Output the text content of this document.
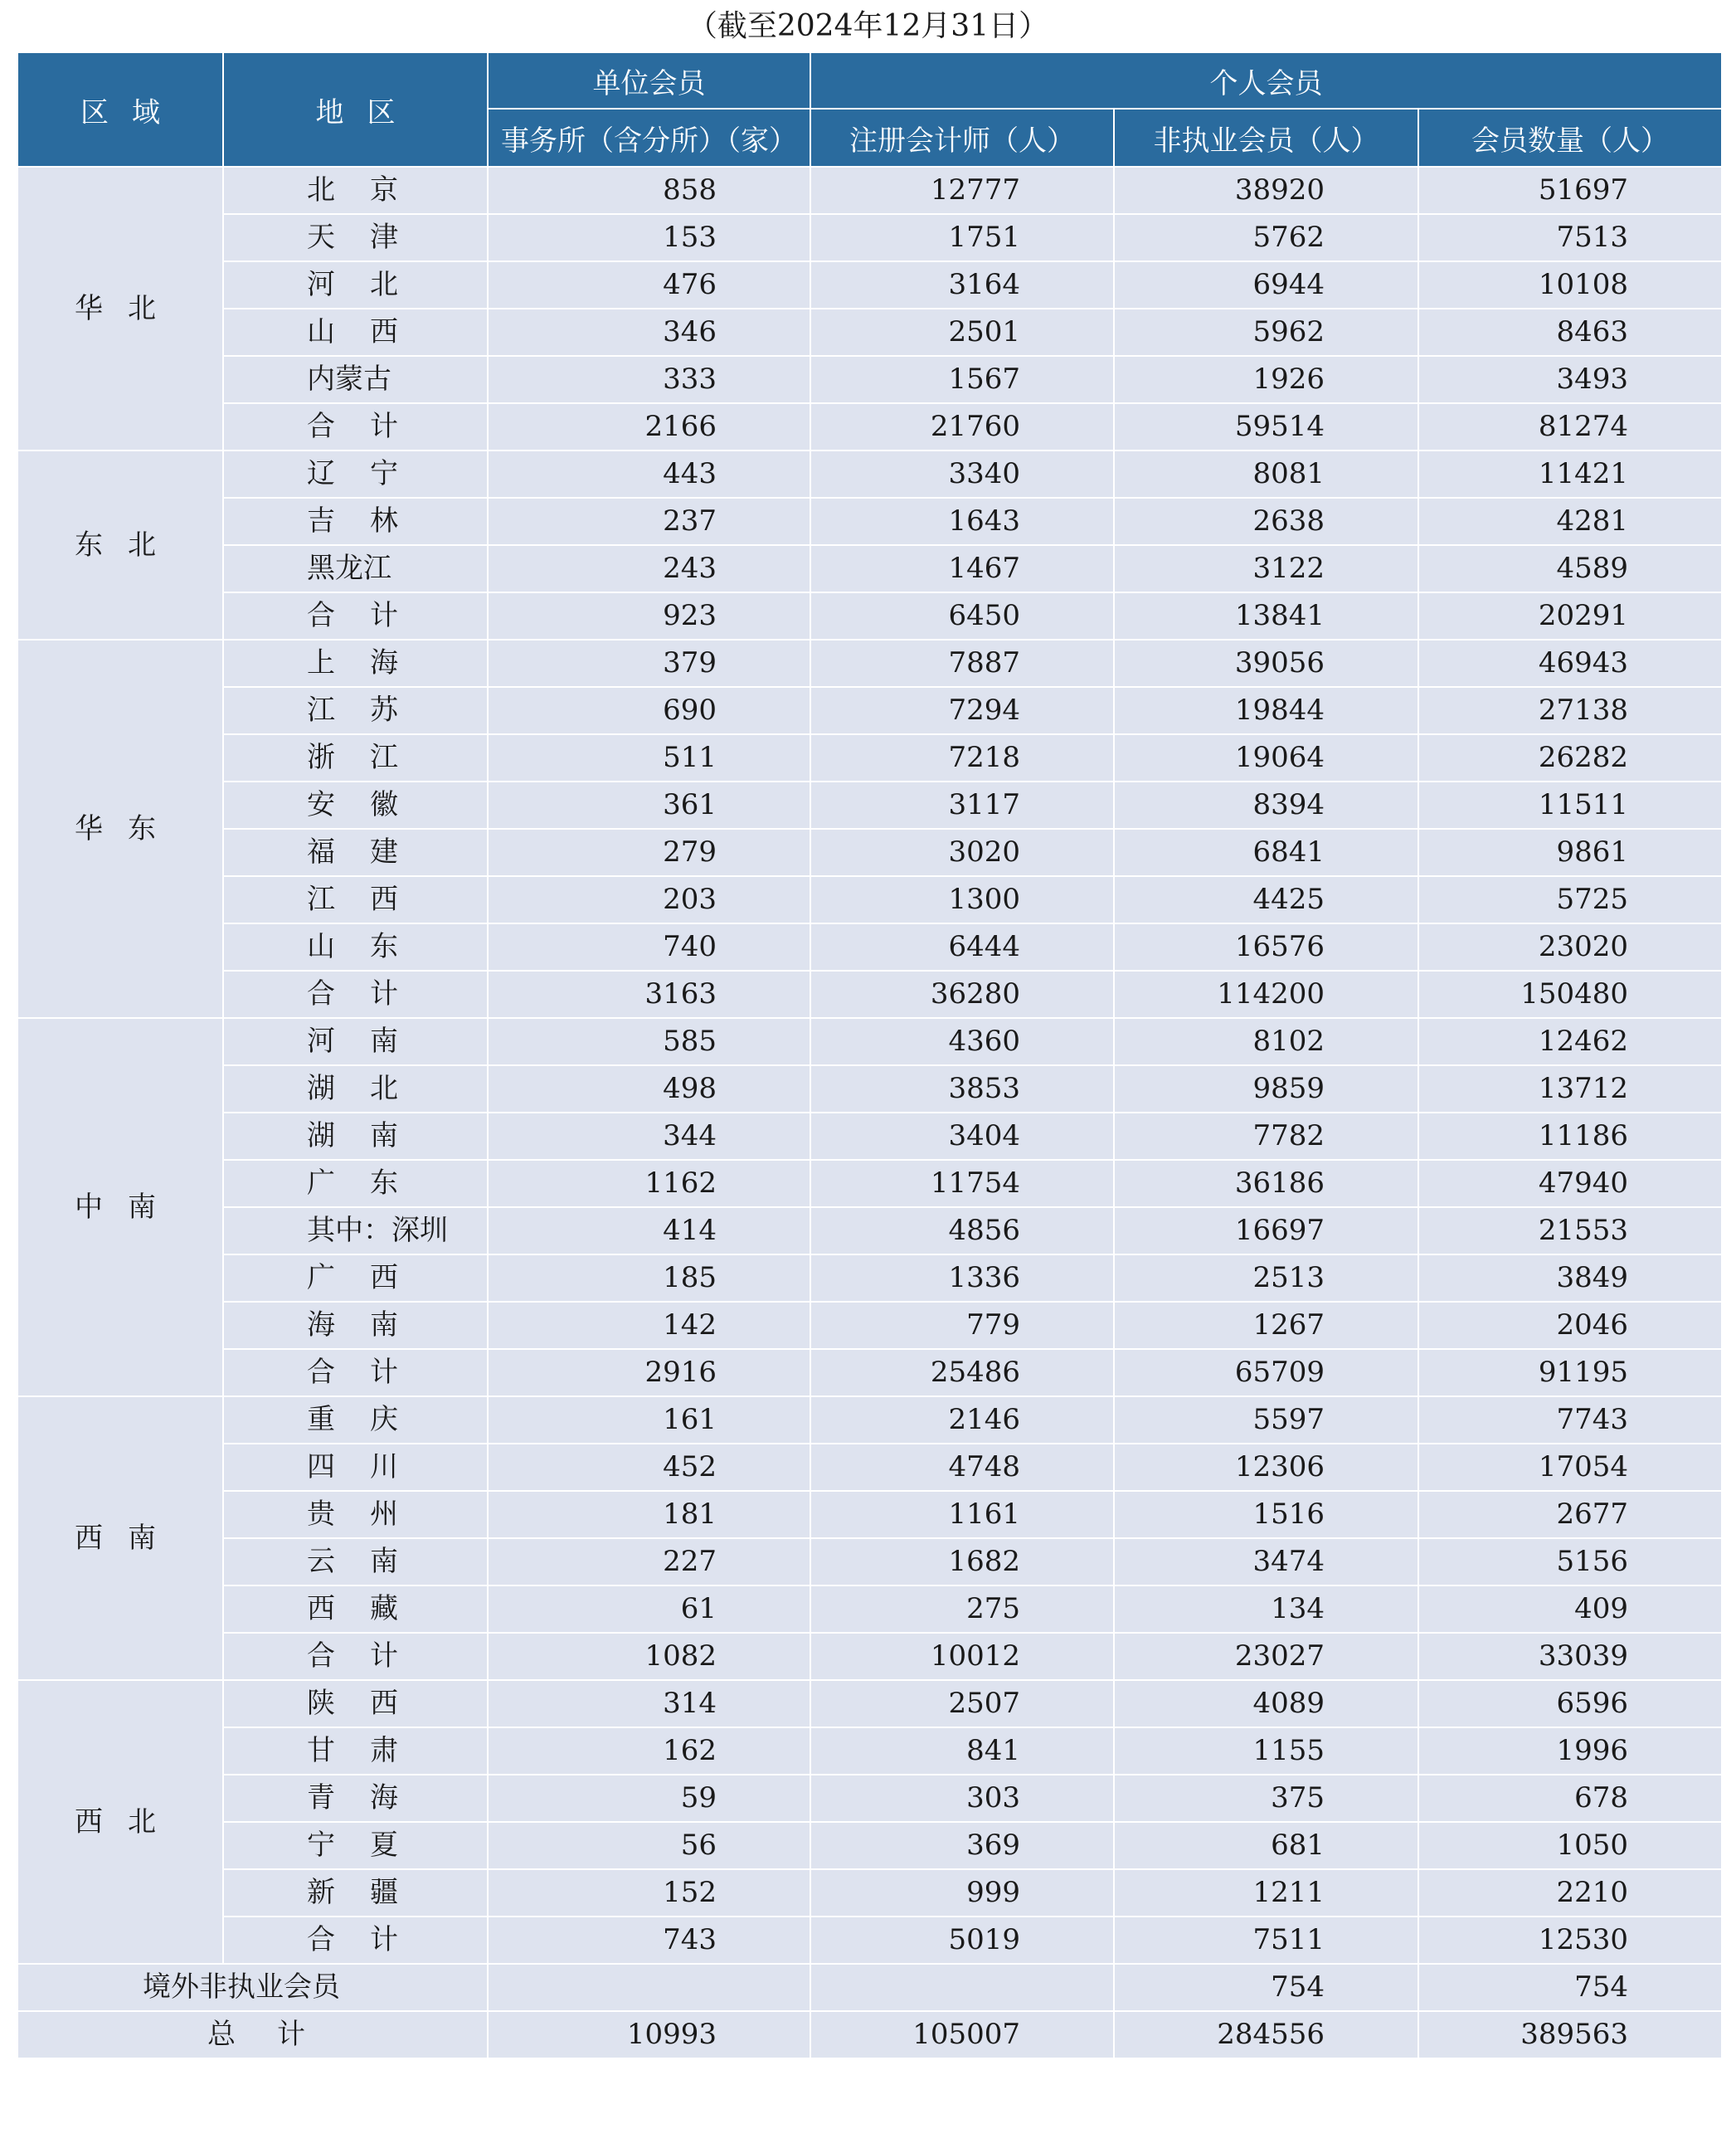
（截至2024年12月31日）
区域	地区	单位会员	个人会员		
		事务所（含分所）（家）	注册会计师（人）	非执业会员（人）	会员数量（人）
华北	北京	858	12777	38920	51697
	天津	153	1751	5762	7513
	河北	476	3164	6944	10108
	山西	346	2501	5962	8463
	内蒙古	333	1567	1926	3493
	合计	2166	21760	59514	81274
东北	辽宁	443	3340	8081	11421
	吉林	237	1643	2638	4281
	黑龙江	243	1467	3122	4589
	合计	923	6450	13841	20291
华东	上海	379	7887	39056	46943
	江苏	690	7294	19844	27138
	浙江	511	7218	19064	26282
	安徽	361	3117	8394	11511
	福建	279	3020	6841	9861
	江西	203	1300	4425	5725
	山东	740	6444	16576	23020
	合计	3163	36280	114200	150480
中南	河南	585	4360	8102	12462
	湖北	498	3853	9859	13712
	湖南	344	3404	7782	11186
	广东	1162	11754	36186	47940
	其中：深圳	414	4856	16697	21553
	广西	185	1336	2513	3849
	海南	142	779	1267	2046
	合计	2916	25486	65709	91195
西南	重庆	161	2146	5597	7743
	四川	452	4748	12306	17054
	贵州	181	1161	1516	2677
	云南	227	1682	3474	5156
	西藏	61	275	134	409
	合计	1082	10012	23027	33039
西北	陕西	314	2507	4089	6596
	甘肃	162	841	1155	1996
	青海	59	303	375	678
	宁夏	56	369	681	1050
	新疆	152	999	1211	2210
	合计	743	5019	7511	12530
境外非执业会员				754	754
总计		10993	105007	284556	389563
